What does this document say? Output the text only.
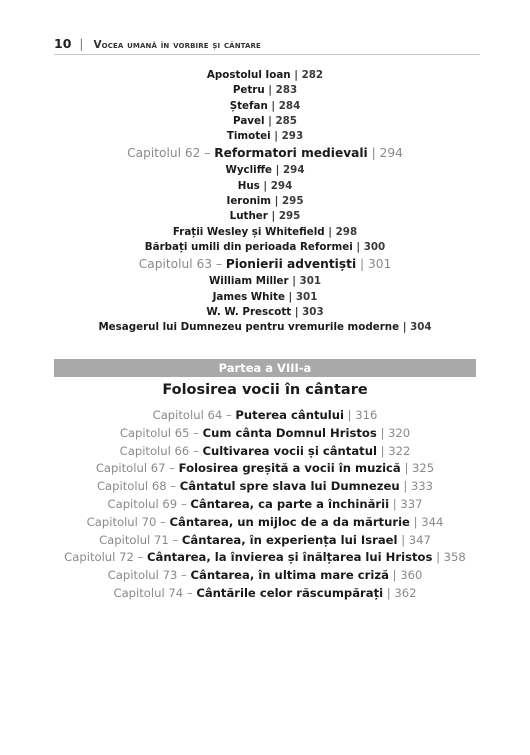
10 | Vocea umană în vorbire și cântare
Apostolul Ioan | 282
Petru | 283
Ștefan | 284
Pavel | 285
Timotei | 293
Capitolul 62 – Reformatori medievali | 294
Wycliffe | 294
Hus | 294
Ieronim | 295
Luther | 295
Frații Wesley și Whitefield | 298
Bărbați umili din perioada Reformei | 300
Capitolul 63 – Pionierii adventiști | 301
William Miller | 301
James White | 301
W. W. Prescott | 303
Mesagerul lui Dumnezeu pentru vremurile moderne | 304
Partea a VIII-a
Folosirea vocii în cântare
Capitolul 64 – Puterea cântului | 316
Capitolul 65 – Cum cânta Domnul Hristos | 320
Capitolul 66 – Cultivarea vocii și cântatul | 322
Capitolul 67 – Folosirea greșită a vocii în muzică | 325
Capitolul 68 – Cântatul spre slava lui Dumnezeu | 333
Capitolul 69 – Cântarea, ca parte a închinării | 337
Capitolul 70 – Cântarea, un mijloc de a da mărturie | 344
Capitolul 71 – Cântarea, în experiența lui Israel | 347
Capitolul 72 – Cântarea, la învierea și înălțarea lui Hristos | 358
Capitolul 73 – Cântarea, în ultima mare criză | 360
Capitolul 74 – Cântările celor răscumpărați | 362
